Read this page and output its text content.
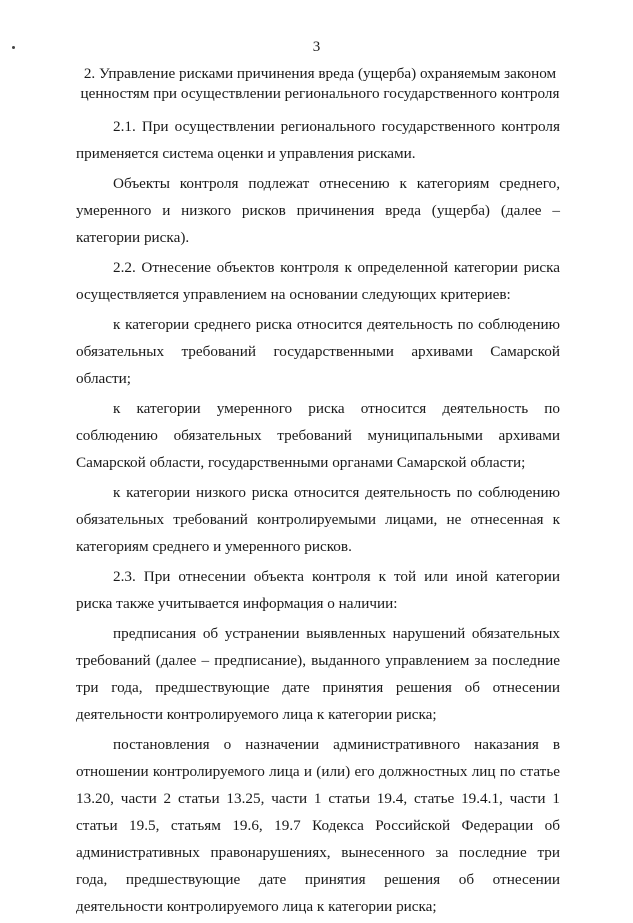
3
2. Управление рисками причинения вреда (ущерба) охраняемым законом ценностям при осуществлении регионального государственного контроля

2.1. При осуществлении регионального государственного контроля применяется система оценки и управления рисками.

Объекты контроля подлежат отнесению к категориям среднего, умеренного и низкого рисков причинения вреда (ущерба) (далее – категории риска).

2.2. Отнесение объектов контроля к определенной категории риска осуществляется управлением на основании следующих критериев:

к категории среднего риска относится деятельность по соблюдению обязательных требований государственными архивами Самарской области;

к категории умеренного риска относится деятельность по соблюдению обязательных требований муниципальными архивами Самарской области, государственными органами Самарской области;

к категории низкого риска относится деятельность по соблюдению обязательных требований контролируемыми лицами, не отнесенная к категориям среднего и умеренного рисков.

2.3. При отнесении объекта контроля к той или иной категории риска также учитывается информация о наличии:

предписания об устранении выявленных нарушений обязательных требований (далее – предписание), выданного управлением за последние три года, предшествующие дате принятия решения об отнесении деятельности контролируемого лица к категории риска;

постановления о назначении административного наказания в отношении контролируемого лица и (или) его должностных лиц по статье 13.20, части 2 статьи 13.25, части 1 статьи 19.4, статье 19.4.1, части 1 статьи 19.5, статьям 19.6, 19.7 Кодекса Российской Федерации об административных правонарушениях, вынесенного за последние три года, предшествующие дате принятия решения об отнесении деятельности контролируемого лица к категории риска;
